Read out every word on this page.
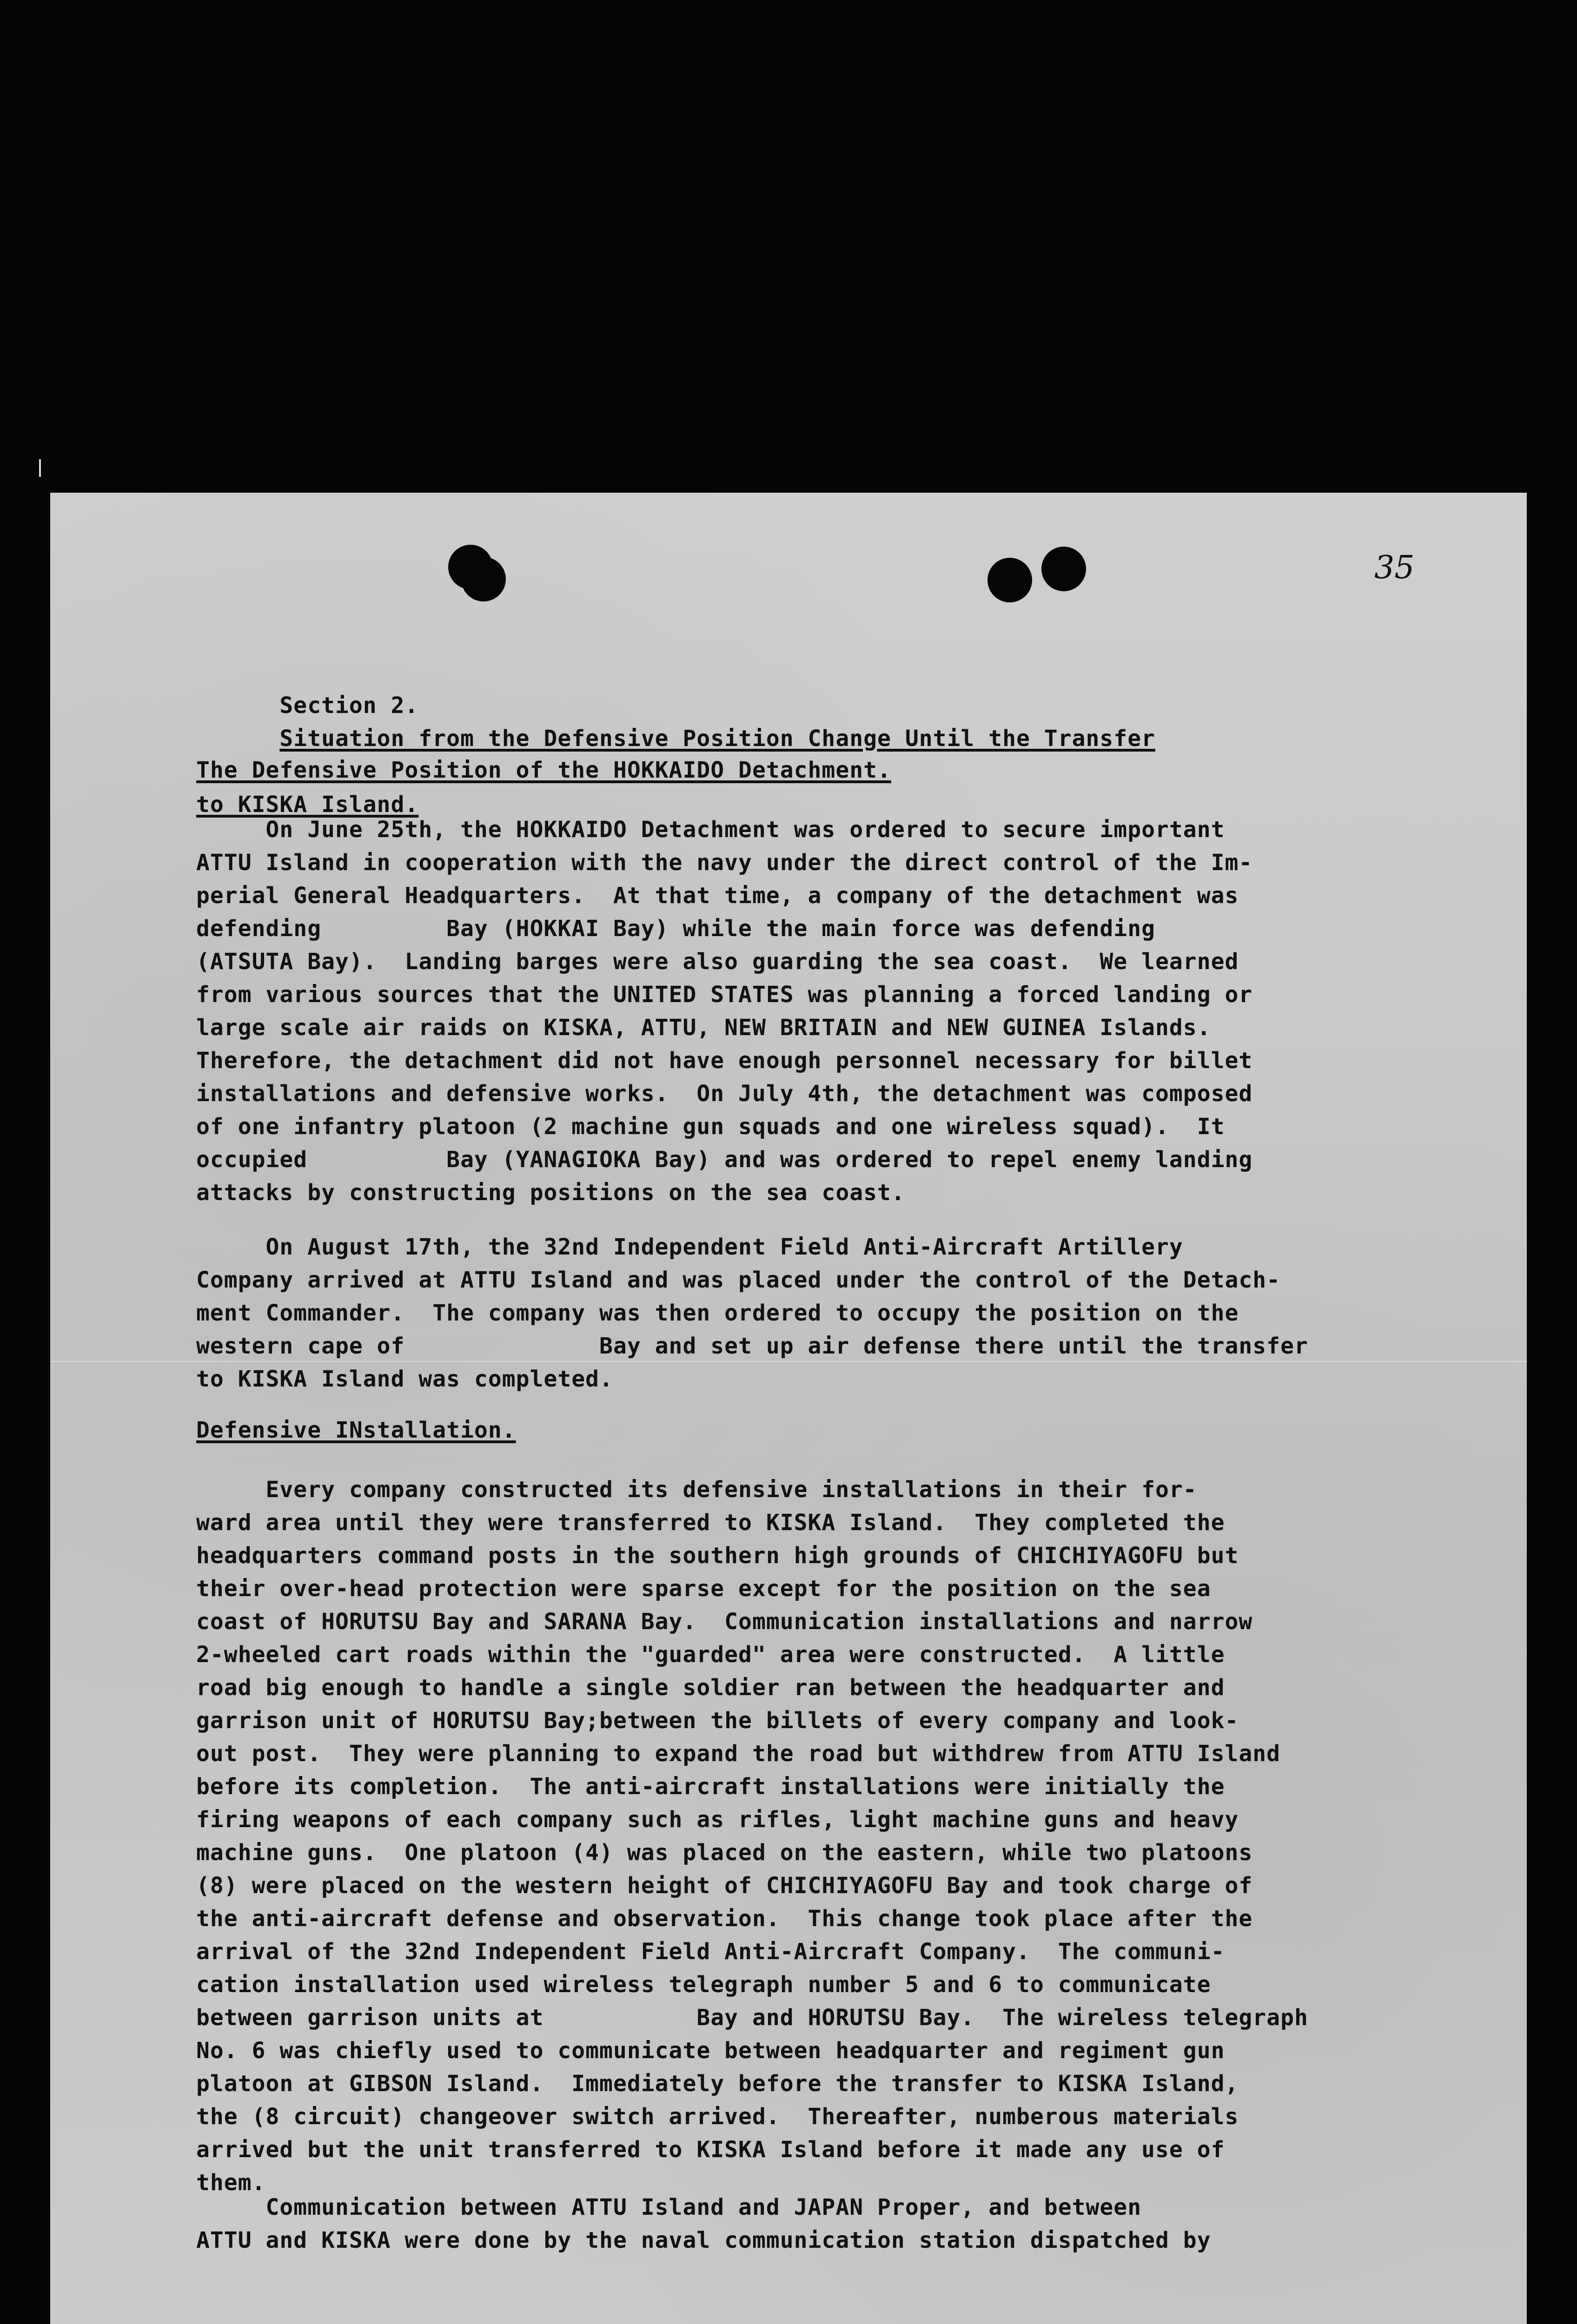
35

Section 2.
Situation from the Defensive Position Change Until the Transfer

to KISKA Island.
The Defensive Position of the HOKKAIDO Detachment.
On June 25th, the HOKKAIDO Detachment was ordered to secure important
ATTU Island in cooperation with the navy under the direct control of the Im-
perial General Headquarters.  At that time, a company of the detachment was
defending         Bay (HOKKAI Bay) while the main force was defending
(ATSUTA Bay).  Landing barges were also guarding the sea coast.  We learned
from various sources that the UNITED STATES was planning a forced landing or
large scale air raids on KISKA, ATTU, NEW BRITAIN and NEW GUINEA Islands.
Therefore, the detachment did not have enough personnel necessary for billet
installations and defensive works.  On July 4th, the detachment was composed
of one infantry platoon (2 machine gun squads and one wireless squad).  It
occupied          Bay (YANAGIOKA Bay) and was ordered to repel enemy landing
attacks by constructing positions on the sea coast.
On August 17th, the 32nd Independent Field Anti-Aircraft Artillery
Company arrived at ATTU Island and was placed under the control of the Detach-
ment Commander.  The company was then ordered to occupy the position on the
western cape of              Bay and set up air defense there until the transfer
to KISKA Island was completed.
Defensive INstallation.
Every company constructed its defensive installations in their for-
ward area until they were transferred to KISKA Island.  They completed the
headquarters command posts in the southern high grounds of CHICHIYAGOFU but
their over-head protection were sparse except for the position on the sea
coast of HORUTSU Bay and SARANA Bay.  Communication installations and narrow
2-wheeled cart roads within the "guarded" area were constructed.  A little
road big enough to handle a single soldier ran between the headquarter and
garrison unit of HORUTSU Bay;between the billets of every company and look-
out post.  They were planning to expand the road but withdrew from ATTU Island
before its completion.  The anti-aircraft installations were initially the
firing weapons of each company such as rifles, light machine guns and heavy
machine guns.  One platoon (4) was placed on the eastern, while two platoons
(8) were placed on the western height of CHICHIYAGOFU Bay and took charge of
the anti-aircraft defense and observation.  This change took place after the
arrival of the 32nd Independent Field Anti-Aircraft Company.  The communi-
cation installation used wireless telegraph number 5 and 6 to communicate
between garrison units at           Bay and HORUTSU Bay.  The wireless telegraph
No. 6 was chiefly used to communicate between headquarter and regiment gun
platoon at GIBSON Island.  Immediately before the transfer to KISKA Island,
the (8 circuit) changeover switch arrived.  Thereafter, numberous materials
arrived but the unit transferred to KISKA Island before it made any use of
them.
Communication between ATTU Island and JAPAN Proper, and between
ATTU and KISKA were done by the naval communication station dispatched by
